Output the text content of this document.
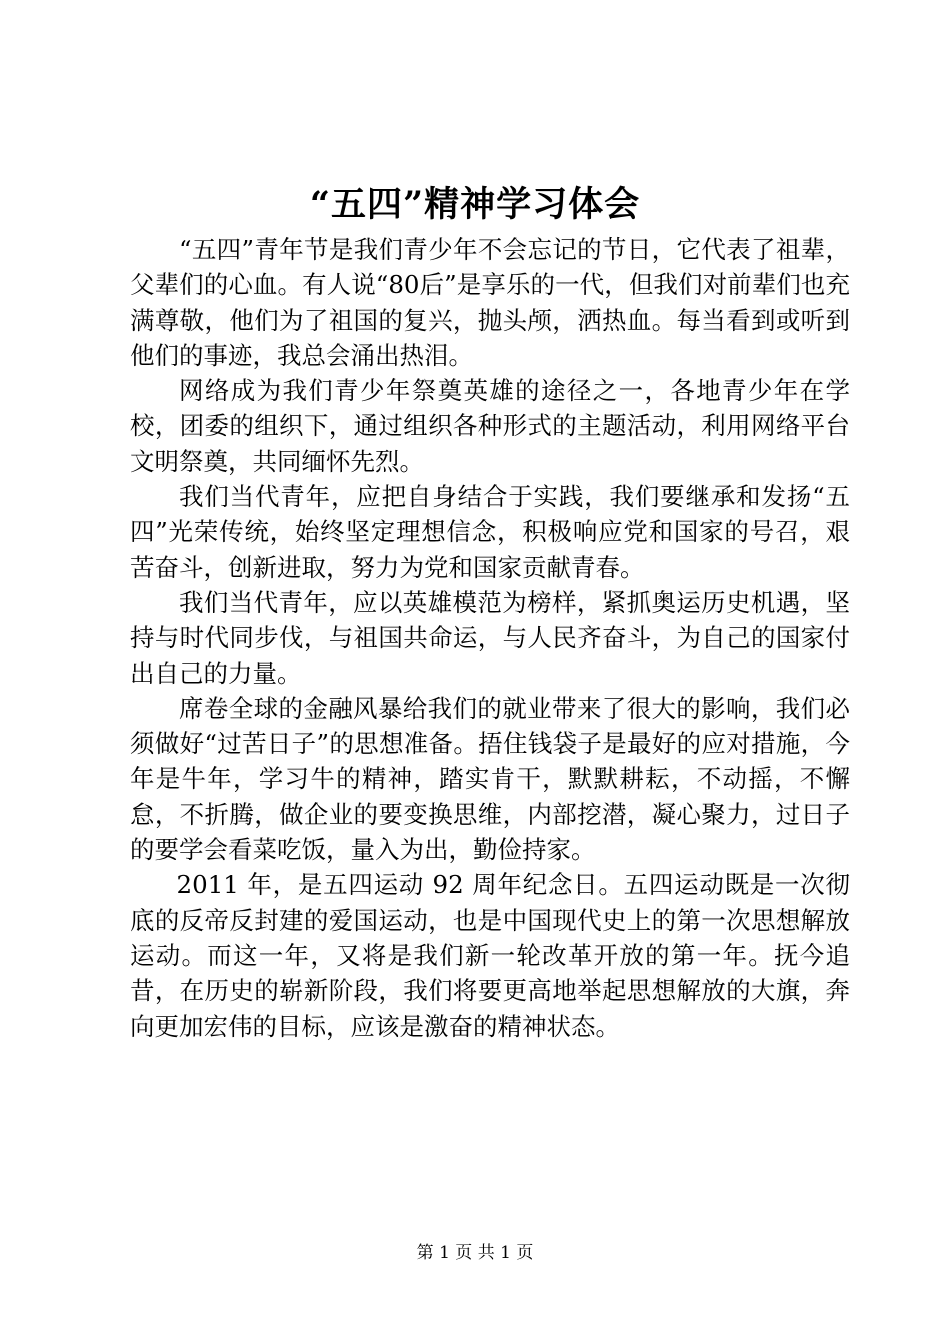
“五四”精神学习体会

“五四”青年节是我们青少年不会忘记的节日，它代表了祖辈，父辈们的心血。有人说“80后”是享乐的一代，但我们对前辈们也充满尊敬，他们为了祖国的复兴，抛头颅，洒热血。每当看到或听到他们的事迹，我总会涌出热泪。

网络成为我们青少年祭奠英雄的途径之一，各地青少年在学校，团委的组织下，通过组织各种形式的主题活动，利用网络平台文明祭奠，共同缅怀先烈。

我们当代青年，应把自身结合于实践，我们要继承和发扬“五四”光荣传统，始终坚定理想信念，积极响应党和国家的号召，艰苦奋斗，创新进取，努力为党和国家贡献青春。

我们当代青年，应以英雄模范为榜样，紧抓奥运历史机遇，坚持与时代同步伐，与祖国共命运，与人民齐奋斗，为自己的国家付出自己的力量。

席卷全球的金融风暴给我们的就业带来了很大的影响，我们必须做好“过苦日子”的思想准备。捂住钱袋子是最好的应对措施，今年是牛年，学习牛的精神，踏实肯干，默默耕耘，不动摇，不懈怠，不折腾，做企业的要变换思维，内部挖潜，凝心聚力，过日子的要学会看菜吃饭，量入为出，勤俭持家。

2011 年，是五四运动 92 周年纪念日。五四运动既是一次彻底的反帝反封建的爱国运动，也是中国现代史上的第一次思想解放运动。而这一年，又将是我们新一轮改革开放的第一年。抚今追昔，在历史的崭新阶段，我们将要更高地举起思想解放的大旗，奔向更加宏伟的目标，应该是激奋的精神状态。

第 1 页 共 1 页
